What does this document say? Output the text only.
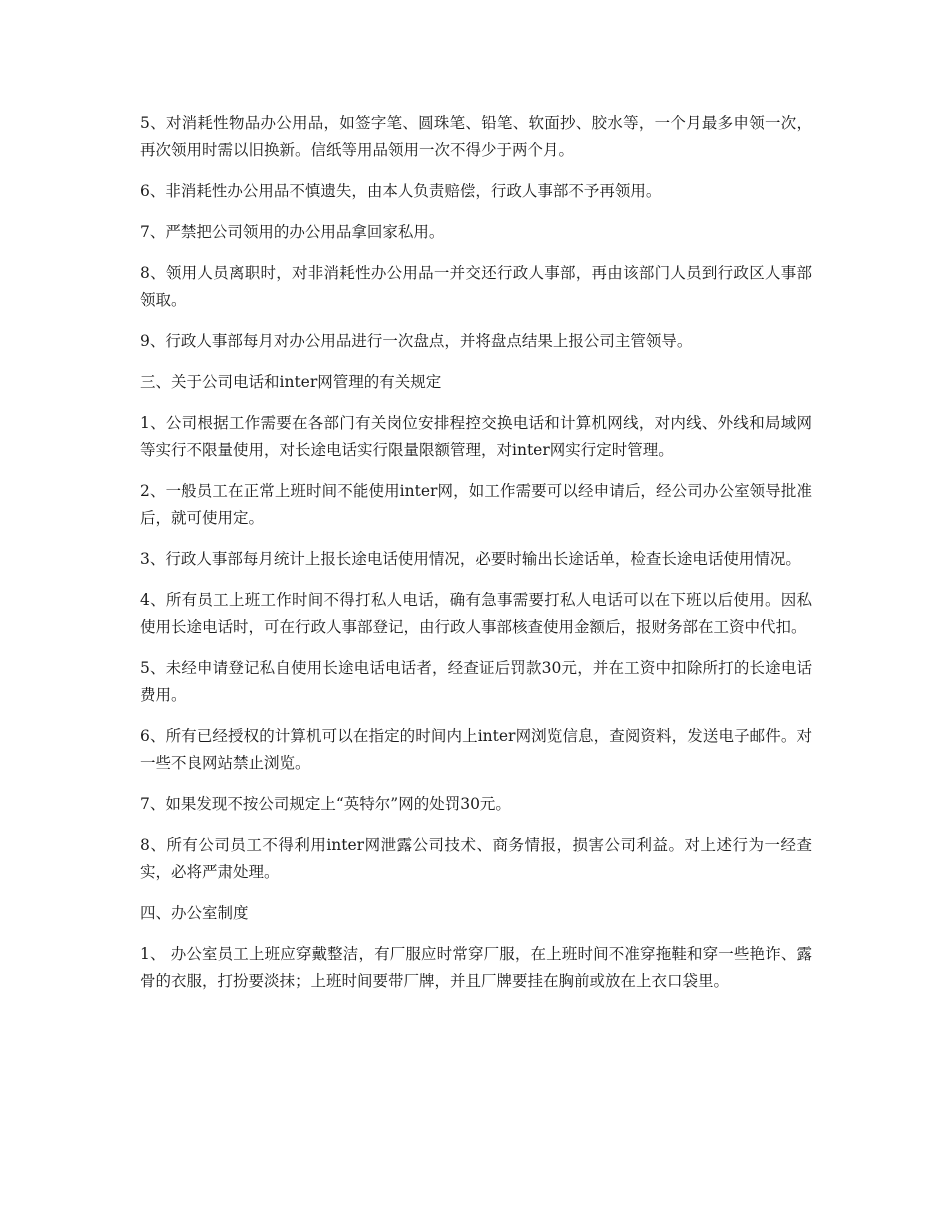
5、对消耗性物品办公用品，如签字笔、圆珠笔、铅笔、软面抄、胶水等，一个月最多申领一次，再次领用时需以旧换新。信纸等用品领用一次不得少于两个月。

6、非消耗性办公用品不慎遗失，由本人负责赔偿，行政人事部不予再领用。

7、严禁把公司领用的办公用品拿回家私用。

8、领用人员离职时，对非消耗性办公用品一并交还行政人事部，再由该部门人员到行政区人事部领取。

9、行政人事部每月对办公用品进行一次盘点，并将盘点结果上报公司主管领导。

三、关于公司电话和inter网管理的有关规定

1、公司根据工作需要在各部门有关岗位安排程控交换电话和计算机网线，对内线、外线和局域网等实行不限量使用，对长途电话实行限量限额管理，对inter网实行定时管理。

2、一般员工在正常上班时间不能使用inter网，如工作需要可以经申请后，经公司办公室领导批准后，就可使用定。

3、行政人事部每月统计上报长途电话使用情况，必要时输出长途话单，检查长途电话使用情况。

4、所有员工上班工作时间不得打私人电话，确有急事需要打私人电话可以在下班以后使用。因私使用长途电话时，可在行政人事部登记，由行政人事部核查使用金额后，报财务部在工资中代扣。

5、未经申请登记私自使用长途电话电话者，经查证后罚款30元，并在工资中扣除所打的长途电话费用。

6、所有已经授权的计算机可以在指定的时间内上inter网浏览信息，查阅资料，发送电子邮件。对一些不良网站禁止浏览。

7、如果发现不按公司规定上“英特尔”网的处罚30元。

8、所有公司员工不得利用inter网泄露公司技术、商务情报，损害公司利益。对上述行为一经查实，必将严肃处理。

四、办公室制度

1、 办公室员工上班应穿戴整洁，有厂服应时常穿厂服，在上班时间不准穿拖鞋和穿一些艳诈、露骨的衣服，打扮要淡抹；上班时间要带厂牌，并且厂牌要挂在胸前或放在上衣口袋里。
